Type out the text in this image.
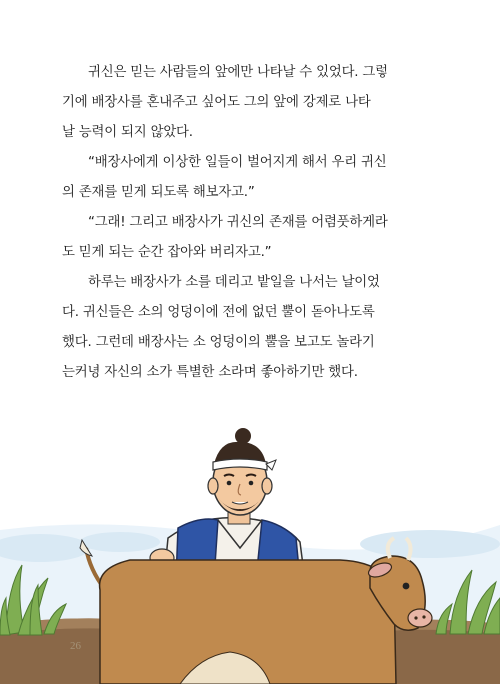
귀신은 믿는 사람들의 앞에만 나타날 수 있었다. 그렇
기에 배장사를 혼내주고 싶어도 그의 앞에 강제로 나타
날 능력이 되지 않았다.

“배장사에게 이상한 일들이 벌어지게 해서 우리 귀신
의 존재를 믿게 되도록 해보자고.”

“그래! 그리고 배장사가 귀신의 존재를 어렴풋하게라
도 믿게 되는 순간 잡아와 버리자고.”

하루는 배장사가 소를 데리고 밭일을 나서는 날이었
다. 귀신들은 소의 엉덩이에 전에 없던 뿔이 돋아나도록
했다. 그런데 배장사는 소 엉덩이의 뿔을 보고도 놀라기
는커녕 자신의 소가 특별한 소라며 좋아하기만 했다.

26
